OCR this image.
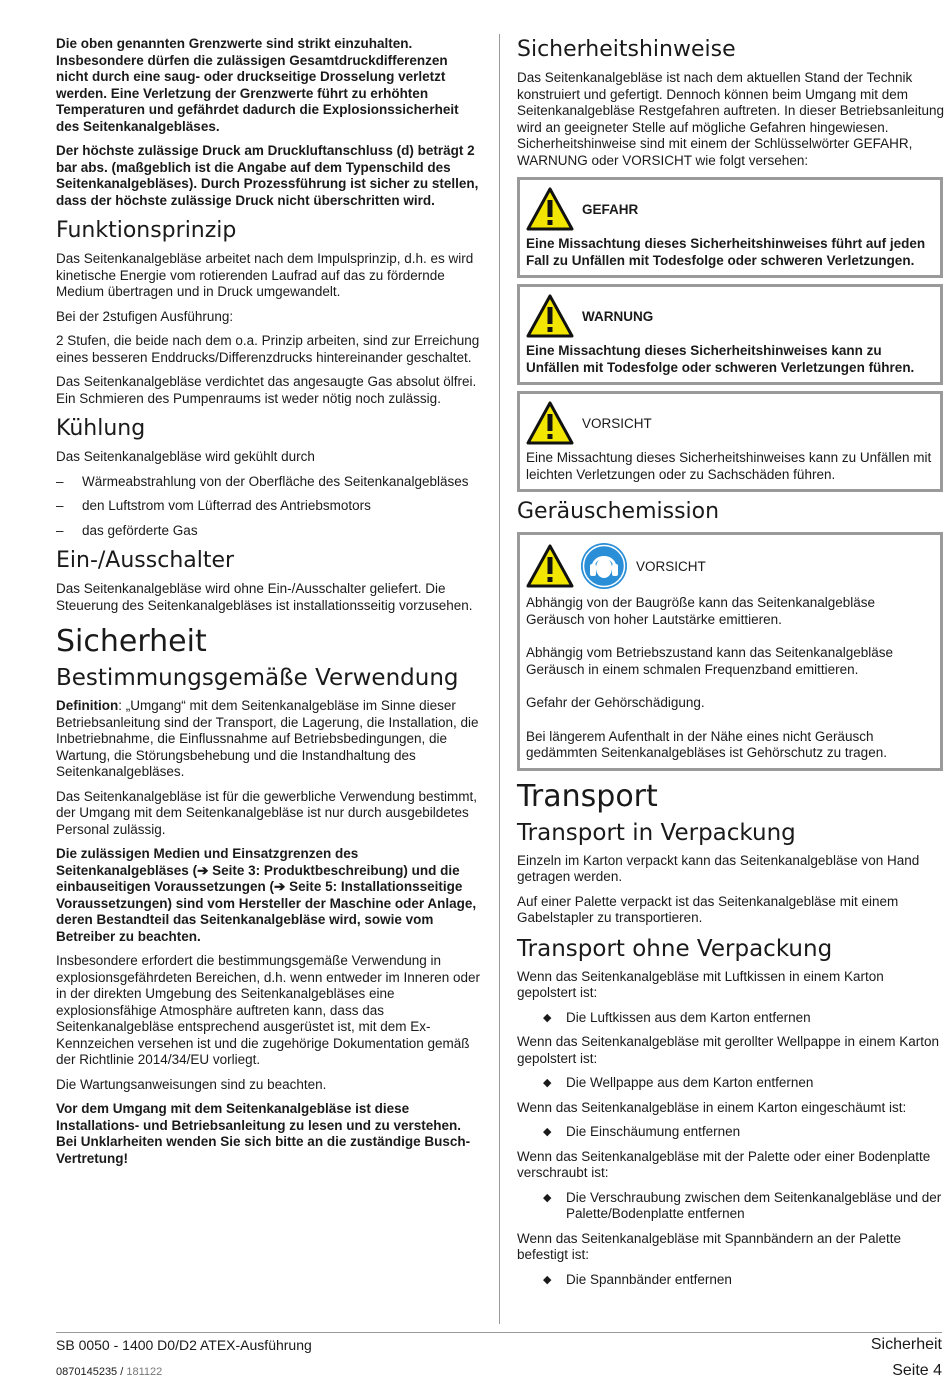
Die oben genannten Grenzwerte sind strikt einzuhalten. Insbesondere dürfen die zulässigen Gesamtdruckdifferenzen nicht durch eine saug- oder druckseitige Drosselung verletzt werden. Eine Verletzung der Grenzwerte führt zu erhöhten Temperaturen und gefährdet dadurch die Explosionssicherheit des Seitenkanalgebläses.

Der höchste zulässige Druck am Druckluftanschluss (d) beträgt 2 bar abs. (maßgeblich ist die Angabe auf dem Typenschild des Seitenkanalgebläses). Durch Prozessführung ist sicher zu stellen, dass der höchste zulässige Druck nicht überschritten wird.

Funktionsprinzip

Das Seitenkanalgebläse arbeitet nach dem Impulsprinzip, d.h. es wird kinetische Energie vom rotierenden Laufrad auf das zu fördernde Medium übertragen und in Druck umgewandelt.

Bei der 2stufigen Ausführung:

2 Stufen, die beide nach dem o.a. Prinzip arbeiten, sind zur Erreichung eines besseren Enddrucks/Differenzdrucks hintereinander geschaltet.

Das Seitenkanalgebläse verdichtet das angesaugte Gas absolut ölfrei. Ein Schmieren des Pumpenraums ist weder nötig noch zulässig.

Kühlung

Das Seitenkanalgebläse wird gekühlt durch

– Wärmeabstrahlung von der Oberfläche des Seitenkanalgebläses
– den Luftstrom vom Lüfterrad des Antriebsmotors
– das geförderte Gas
Ein-/Ausschalter

Das Seitenkanalgebläse wird ohne Ein-/Ausschalter geliefert. Die Steuerung des Seitenkanalgebläses ist installationsseitig vorzusehen.

Sicherheit
Bestimmungsgemäße Verwendung

Definition: „Umgang“ mit dem Seitenkanalgebläse im Sinne dieser Betriebsanleitung sind der Transport, die Lagerung, die Installation, die Inbetriebnahme, die Einflussnahme auf Betriebsbedingungen, die Wartung, die Störungsbehebung und die Instandhaltung des Seitenkanalgebläses.

Das Seitenkanalgebläse ist für die gewerbliche Verwendung bestimmt, der Umgang mit dem Seitenkanalgebläse ist nur durch ausgebildetes Personal zulässig.

Die zulässigen Medien und Einsatzgrenzen des Seitenkanalgebläses (➔ Seite 3: Produktbeschreibung) und die einbauseitigen Voraussetzungen (➔ Seite 5: Installationsseitige Voraussetzungen) sind vom Hersteller der Maschine oder Anlage, deren Bestandteil das Seitenkanalgebläse wird, sowie vom Betreiber zu beachten.

Insbesondere erfordert die bestimmungsgemäße Verwendung in explosionsgefährdeten Bereichen, d.h. wenn entweder im Inneren oder in der direkten Umgebung des Seitenkanalgebläses eine explosionsfähige Atmosphäre auftreten kann, dass das Seitenkanalgebläse entsprechend ausgerüstet ist, mit dem Ex-Kennzeichen versehen ist und die zugehörige Dokumentation gemäß der Richtlinie 2014/34/EU vorliegt.

Die Wartungsanweisungen sind zu beachten.

Vor dem Umgang mit dem Seitenkanalgebläse ist diese Installations- und Betriebsanleitung zu lesen und zu verstehen. Bei Unklarheiten wenden Sie sich bitte an die zuständige Busch-Vertretung!

Sicherheitshinweise

Das Seitenkanalgebläse ist nach dem aktuellen Stand der Technik konstruiert und gefertigt. Dennoch können beim Umgang mit dem Seitenkanalgebläse Restgefahren auftreten. In dieser Betriebsanleitung wird an geeigneter Stelle auf mögliche Gefahren hingewiesen. Sicherheitshinweise sind mit einem der Schlüsselwörter GEFAHR, WARNUNG oder VORSICHT wie folgt versehen:

GEFAHR

Eine Missachtung dieses Sicherheitshinweises führt auf jeden Fall zu Unfällen mit Todesfolge oder schweren Verletzungen.

WARNUNG

Eine Missachtung dieses Sicherheitshinweises kann zu Unfällen mit Todesfolge oder schweren Verletzungen führen.

VORSICHT

Eine Missachtung dieses Sicherheitshinweises kann zu Unfällen mit leichten Verletzungen oder zu Sachschäden führen.

Geräuschemission
VORSICHT

Abhängig von der Baugröße kann das Seitenkanalgebläse Geräusch von hoher Lautstärke emittieren.

Abhängig vom Betriebszustand kann das Seitenkanalgebläse Geräusch in einem schmalen Frequenzband emittieren.

Gefahr der Gehörschädigung.

Bei längerem Aufenthalt in der Nähe eines nicht Geräusch gedämmten Seitenkanalgebläses ist Gehörschutz zu tragen.

Transport
Transport in Verpackung

Einzeln im Karton verpackt kann das Seitenkanalgebläse von Hand getragen werden.

Auf einer Palette verpackt ist das Seitenkanalgebläse mit einem Gabelstapler zu transportieren.

Transport ohne Verpackung

Wenn das Seitenkanalgebläse mit Luftkissen in einem Karton gepolstert ist:

◆ Die Luftkissen aus dem Karton entfernen

Wenn das Seitenkanalgebläse mit gerollter Wellpappe in einem Karton gepolstert ist:

◆ Die Wellpappe aus dem Karton entfernen

Wenn das Seitenkanalgebläse in einem Karton eingeschäumt ist:

◆ Die Einschäumung entfernen

Wenn das Seitenkanalgebläse mit der Palette oder einer Bodenplatte verschraubt ist:

◆ Die Verschraubung zwischen dem Seitenkanalgebläse und der Palette/Bodenplatte entfernen

Wenn das Seitenkanalgebläse mit Spannbändern an der Palette befestigt ist:

◆ Die Spannbänder entfernen
SB 0050 - 1400 D0/D2 ATEX-Ausführung
0870145235 / 181122
Sicherheit
Seite 4
